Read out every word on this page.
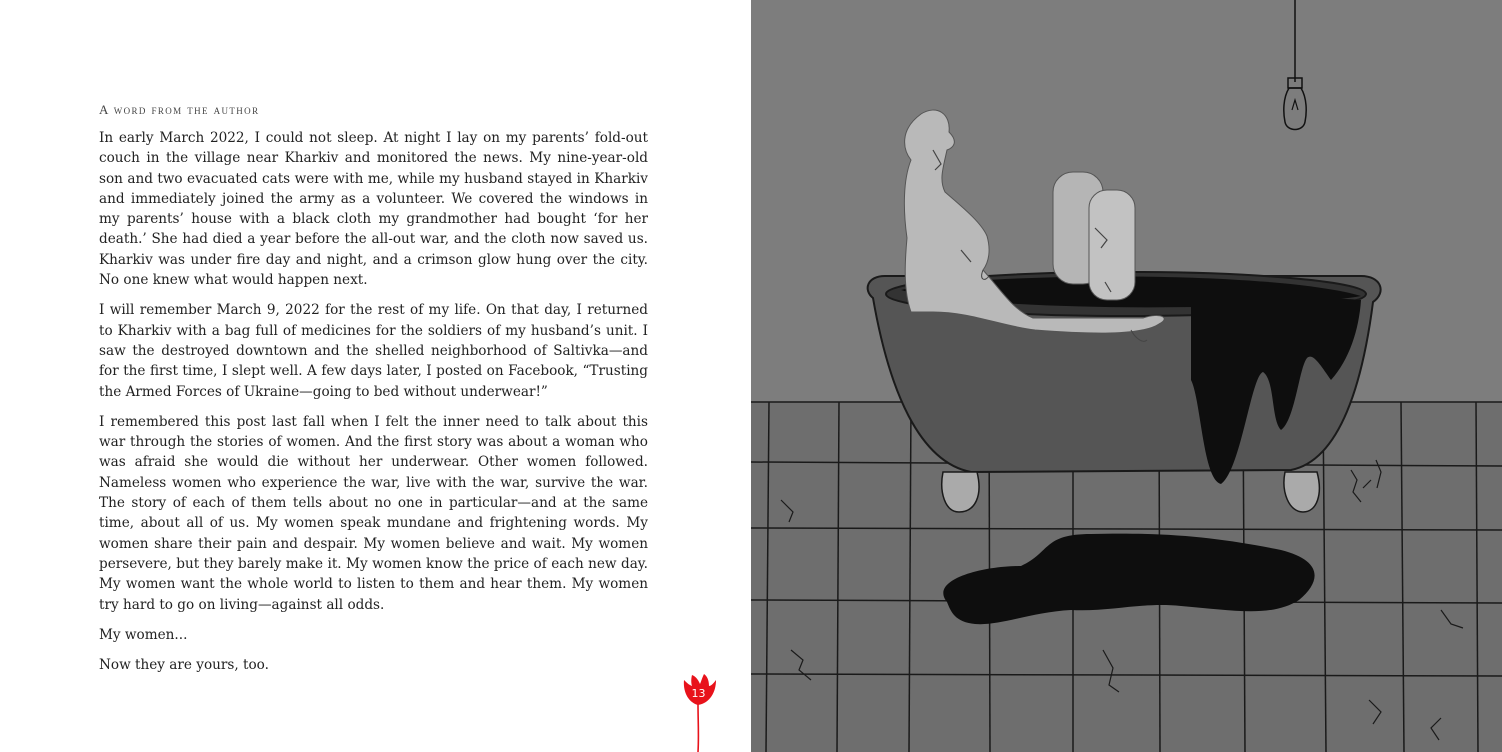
A word from the author

In early March 2022, I could not sleep. At night I lay on my parents’ fold-out couch in the village near Kharkiv and monitored the news. My nine-year-old son and two evacuated cats were with me, while my husband stayed in Kharkiv and immediately joined the army as a volunteer. We covered the windows in my parents’ house with a black cloth my grandmother had bought ‘for her death.’ She had died a year before the all-out war, and the cloth now saved us. Kharkiv was under fire day and night, and a crimson glow hung over the city. No one knew what would happen next.

I will remember March 9, 2022 for the rest of my life. On that day, I returned to Kharkiv with a bag full of medicines for the soldiers of my husband’s unit. I saw the destroyed downtown and the shelled neighborhood of Saltivka—and for the first time, I slept well. A few days later, I posted on Facebook, “Trusting the Armed Forces of Ukraine—going to bed without underwear!”

I remembered this post last fall when I felt the inner need to talk about this war through the stories of women. And the first story was about a woman who was afraid she would die without her underwear. Other women followed. Nameless women who experience the war, live with the war, survive the war. The story of each of them tells about no one in particular—and at the same time, about all of us. My women speak mundane and frightening words. My women share their pain and despair. My women believe and wait. My women persevere, but they barely make it. My women know the price of each new day. My women want the whole world to listen to them and hear them. My women try hard to go on living—against all odds.

My women...

Now they are yours, too.

13
